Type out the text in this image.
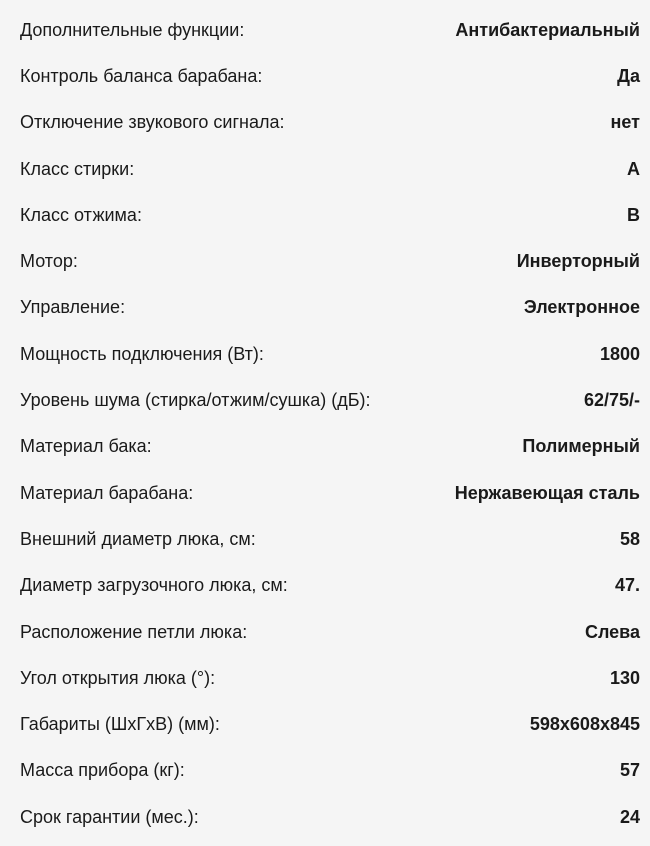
Дополнительные функции:	Антибактериальный
Контроль баланса барабана:	Да
Отключение звукового сигнала:	нет
Класс стирки:	A
Класс отжима:	B
Мотор:	Инверторный
Управление:	Электронное
Мощность подключения (Вт):	1800
Уровень шума (стирка/отжим/сушка) (дБ):	62/75/-
Материал бака:	Полимерный
Материал барабана:	Нержавеющая сталь
Внешний диаметр люка, см:	58
Диаметр загрузочного люка, см:	47.
Расположение петли люка:	Слева
Угол открытия люка (°):	130
Габариты (ШхГхВ) (мм):	598x608x845
Масса прибора (кг):	57
Срок гарантии (мес.):	24
